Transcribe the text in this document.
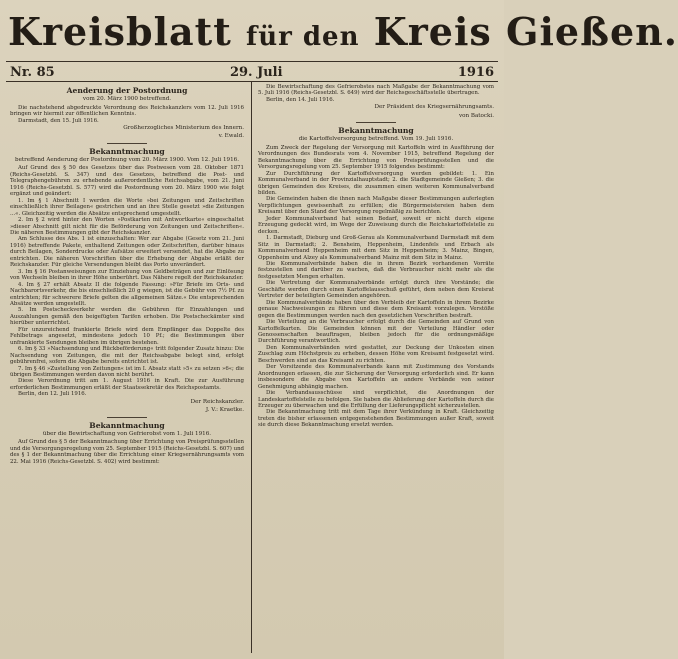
Kreisblatt für den Kreis Gießen.
Nr. 85	29. Juli	1916
Aenderung der Postordnung
vom 20. März 1900 betreffend.

Die nachstehend abgedruckte Verordnung des Reichskanzlers vom 12. Juli 1916 bringen wir hiermit zur öffentlichen Kenntnis.

Darmstadt, den 15. Juli 1916.

Großherzogliches Ministerium des Innern.
v. Ewald.
Bekanntmachung
betreffend Aenderung der Postordnung vom 20. März 1900. Vom 12. Juli 1916.

Auf Grund des § 50 des Gesetzes über das Postwesen vom 28. Oktober 1871 (Reichs-Gesetzbl. S. 347) und des Gesetzes, betreffend die Post- und Telegraphengebühren zu erhebende außerordentliche Reichsabgabe, vom 21. Juni 1916 (Reichs-Gesetzbl. S. 577) wird die Postordnung vom 20. März 1900 wie folgt ergänzt und geändert:

1. Im § 1 Abschnitt I werden die Worte »bei Zeitungen und Zeitschriften einschließlich ihrer Beilagen« gestrichen und an ihre Stelle gesetzt »die Zeitungen ...«. Gleichzeitig werden die Absätze entsprechend umgestellt.

2. Im § 2 wird hinter den Worten »Postkarten mit Antwortkarte« eingeschaltet »dieser Abschnitt gilt nicht für die Beförderung von Zeitungen und Zeitschriften«. Die näheren Bestimmungen gibt der Reichskanzler.

Am Schlusse des Abs. 1 ist einzuschalten: Wer zur Abgabe (Gesetz vom 21. Juni 1916) betreffende Pakete, enthaltend Zeitungen oder Zeitschriften, darüber hinaus durch Beilagen, Sonderdrucke oder Aufsätze erweitert versendet, hat die Abgabe zu entrichten. Die näheren Vorschriften über die Erhebung der Abgabe erläßt der Reichskanzler. Für gleiche Versendungen bleibt das Porto unverändert.

3. Im § 16 Postanweisungen zur Einziehung von Geldbeträgen und zur Einlösung von Wechseln bleiben in ihrer Höhe unberührt. Das Nähere regelt der Reichskanzler.

4. Im § 27 erhält Absatz II die folgende Fassung: »Für Briefe im Orts- und Nachbarortsverkehr, die bis einschließlich 20 g wiegen, ist die Gebühr von 7½ Pf. zu entrichten; für schwerere Briefe gelten die allgemeinen Sätze.« Die entsprechenden Absätze werden umgestellt.

5. Im Postscheckverkehr werden die Gebühren für Einzahlungen und Auszahlungen gemäß den beigefügten Tarifen erhoben. Die Postscheckämter sind hierüber unterrichtet.

Für unzureichend frankierte Briefe wird dem Empfänger das Doppelte des Fehlbetrags angesetzt, mindestens jedoch 10 Pf.; die Bestimmungen über unfrankierte Sendungen bleiben im übrigen bestehen.

6. Im § 33 »Nachsendung und Rückbeförderung« tritt folgender Zusatz hinzu: Die Nachsendung von Zeitungen, die mit der Reichsabgabe belegt sind, erfolgt gebührenfrei, sofern die Abgabe bereits entrichtet ist.

7. Im § 46 »Zustellung von Zeitungen« ist im I. Absatz statt »5« zu setzen »6«; die übrigen Bestimmungen werden davon nicht berührt.

Diese Verordnung tritt am 1. August 1916 in Kraft. Die zur Ausführung erforderlichen Bestimmungen erläßt der Staatssekretär des Reichspostamts.

Berlin, den 12. Juli 1916.

Der Reichskanzler.
J. V.: Kraetke.
Bekanntmachung
über die Bewirtschaftung von Gefrierobst vom 1. Juli 1916.

Auf Grund des § 5 der Bekanntmachung über Errichtung von Preisprüfungsstellen und die Versorgungsregelung vom 25. September 1915 (Reichs-Gesetzbl. S. 607) und des § 1 der Bekanntmachung über die Errichtung einer Kriegsernährungsamts vom 22. Mai 1916 (Reichs-Gesetzbl. S. 402) wird bestimmt:

Die Bewirtschaftung des Gefrierobstes nach Maßgabe der Bekanntmachung vom 5. Juli 1916 (Reichs-Gesetzbl. S. 649) wird der Reichsgeschäftsstelle übertragen.

Berlin, den 14. Juli 1916.

Der Präsident des Kriegsernährungsamts.
von Batocki.
Bekanntmachung
die Kartoffelversorgung betreffend. Vom 19. Juli 1916.

Zum Zweck der Regelung der Versorgung mit Kartoffeln wird in Ausführung der Verordnungen des Bundesrats vom 4. November 1915, betreffend Regelung der Bekanntmachung über die Errichtung von Preisprüfungsstellen und die Versorgungsregelung vom 25. September 1915 folgendes bestimmt:

Zur Durchführung der Kartoffelversorgung werden gebildet: 1. Ein Kommunalverband in der Provinzialhauptstadt; 2. die Stadtgemeinde Gießen; 3. die übrigen Gemeinden des Kreises, die zusammen einen weiteren Kommunalverband bilden.

Die Gemeinden haben die ihnen nach Maßgabe dieser Bestimmungen auferlegten Verpflichtungen gewissenhaft zu erfüllen; die Bürgermeistereien haben dem Kreisamt über den Stand der Versorgung regelmäßig zu berichten.

Jeder Kommunalverband hat seinen Bedarf, soweit er nicht durch eigene Erzeugung gedeckt wird, im Wege der Zuweisung durch die Reichskartoffelstelle zu decken.

1. Darmstadt, Dieburg und Groß-Gerau als Kommunalverband Darmstadt mit dem Sitz in Darmstadt; 2. Bensheim, Heppenheim, Lindenfels und Erbach als Kommunalverband Heppenheim mit dem Sitz in Heppenheim; 3. Mainz, Bingen, Oppenheim und Alzey als Kommunalverband Mainz mit dem Sitz in Mainz.

Die Kommunalverbände haben die in ihrem Bezirk vorhandenen Vorräte festzustellen und darüber zu wachen, daß die Verbraucher nicht mehr als die festgesetzten Mengen erhalten.

Die Vertretung der Kommunalverbände erfolgt durch ihre Vorstände; die Geschäfte werden durch einen Kartoffelausschuß geführt, dem neben dem Kreisrat Vertreter der beteiligten Gemeinden angehören.

Die Kommunalverbände haben über den Verbleib der Kartoffeln in ihrem Bezirke genaue Nachweisungen zu führen und diese dem Kreisamt vorzulegen. Verstöße gegen die Bestimmungen werden nach den gesetzlichen Vorschriften bestraft.

Die Verteilung an die Verbraucher erfolgt durch die Gemeinden auf Grund von Kartoffelkarten. Die Gemeinden können mit der Verteilung Händler oder Genossenschaften beauftragen, bleiben jedoch für die ordnungsmäßige Durchführung verantwortlich.

Den Kommunalverbänden wird gestattet, zur Deckung der Unkosten einen Zuschlag zum Höchstpreis zu erheben, dessen Höhe vom Kreisamt festgesetzt wird. Beschwerden sind an das Kreisamt zu richten.

Der Vorsitzende des Kommunalverbands kann mit Zustimmung des Vorstands Anordnungen erlassen, die zur Sicherung der Versorgung erforderlich sind. Er kann insbesondere die Abgabe von Kartoffeln an andere Verbände von seiner Genehmigung abhängig machen.

Die Verbandsausschüsse sind verpflichtet, die Anordnungen der Landeskartoffelstelle zu befolgen. Sie haben die Ablieferung der Kartoffeln durch die Erzeuger zu überwachen und die Erfüllung der Lieferungspflicht sicherzustellen.

Die Bekanntmachung tritt mit dem Tage ihrer Verkündung in Kraft. Gleichzeitig treten die bisher erlassenen entgegenstehenden Bestimmungen außer Kraft, soweit sie durch diese Bekanntmachung ersetzt werden.
